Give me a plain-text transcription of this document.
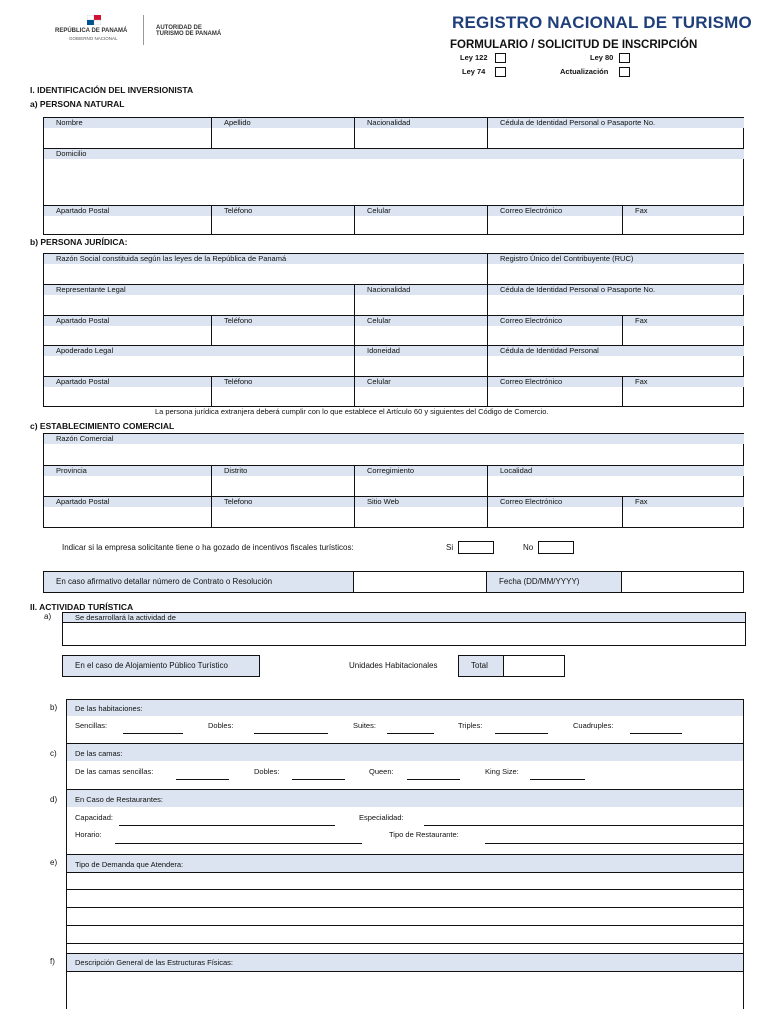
REPÚBLICA DE PANAMÁ
GOBIERNO NACIONAL
AUTORIDAD DE
TURISMO DE PANAMÁ
REGISTRO NACIONAL DE TURISMO
FORMULARIO / SOLICITUD DE INSCRIPCIÓN
Ley 122	Ley 80
Ley 74	Actualización
I. IDENTIFICACIÓN DEL INVERSIONISTA
a) PERSONA NATURAL
Nombre	Apellido	Nacionalidad	Cédula de Identidad Personal o Pasaporte No.
Domicilio
Apartado Postal	Teléfono	Celular	Correo Electrónico	Fax
b) PERSONA JURÍDICA:
Razón Social constituida según las leyes de la República de Panamá	Registro Único del Contribuyente (RUC)
Representante Legal	Nacionalidad	Cédula de Identidad Personal o Pasaporte No.
Apartado Postal	Teléfono	Celular	Correo Electrónico	Fax
Apoderado Legal	Idoneidad	Cédula de Identidad Personal
Apartado Postal	Teléfono	Celular	Correo Electrónico	Fax
La persona jurídica extranjera deberá cumplir con lo que establece el Artículo 60 y siguientes del Código de Comercio.
c) ESTABLECIMIENTO COMERCIAL
Razón Comercial
Provincia	Distrito	Corregimiento	Localidad
Apartado Postal	Telefono	Sitio Web	Correo Electrónico	Fax
Indicar si la empresa solicitante tiene o ha gozado de incentivos fiscales turísticos:	Si	No
En caso afirmativo detallar número de Contrato o Resolución	Fecha (DD/MM/YYYY)
II. ACTIVIDAD TURÍSTICA
a)	Se desarrollará la actividad de
En el caso de Alojamiento Público Turístico	Unidades Habitacionales	Total
De las habitaciones:
Sencillas:	Dobles:	Suites:	Triples:	Cuadruples:
De las camas:
De las camas sencillas:	Dobles:	Queen:	King Size:
En Caso de Restaurantes:
Capacidad:	Especialidad:
Horario:	Tipo de Restaurante:
Tipo de Demanda que Atendera:
Descripción General de las Estructuras Físicas:
b)
c)
d)
e)
f)
